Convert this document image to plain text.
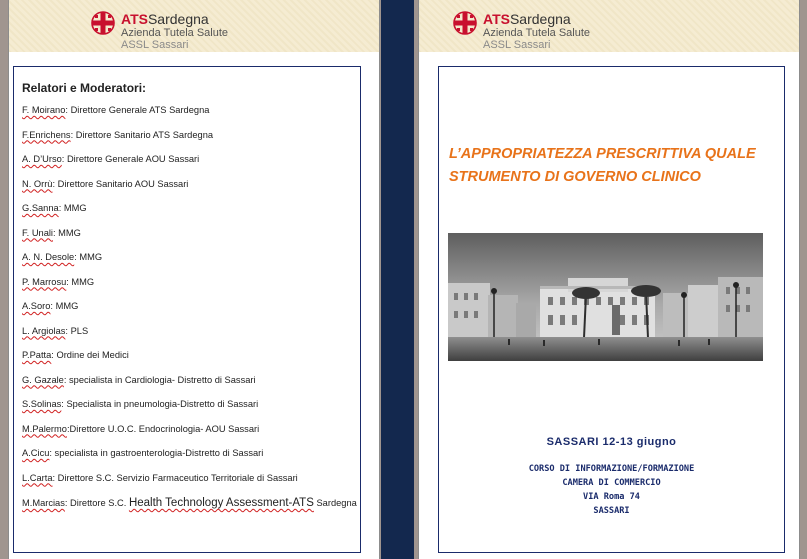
ATSSardegna
Azienda Tutela Salute
ASSL Sassari
Relatori e Moderatori:
F. Moirano: Direttore Generale ATS Sardegna
F.Enrichens: Direttore Sanitario ATS Sardegna
A. D’Urso: Direttore Generale AOU Sassari
N. Orrù: Direttore Sanitario AOU Sassari
G.Sanna: MMG
F. Unali: MMG
A. N. Desole: MMG
P. Marrosu: MMG
A.Soro: MMG
L. Argiolas: PLS
P.Patta: Ordine dei Medici
G. Gazale: specialista in Cardiologia- Distretto di Sassari
S.Solinas: Specialista in pneumologia-Distretto di Sassari
M.Palermo:Direttore U.O.C. Endocrinologia- AOU Sassari
A.Cicu: specialista in gastroenterologia-Distretto di Sassari
L.Carta: Direttore S.C. Servizio Farmaceutico Territoriale di Sassari
M.Marcias: Direttore S.C. Health Technology Assessment-ATS Sardegna
ATSSardegna
Azienda Tutela Salute
ASSL Sassari
L’APPROPRIATEZZA PRESCRITTIVA QUALE
STRUMENTO DI GOVERNO CLINICO
SASSARI 12-13 giugno
CORSO DI INFORMAZIONE/FORMAZIONE
CAMERA DI COMMERCIO
VIA Roma 74
SASSARI
